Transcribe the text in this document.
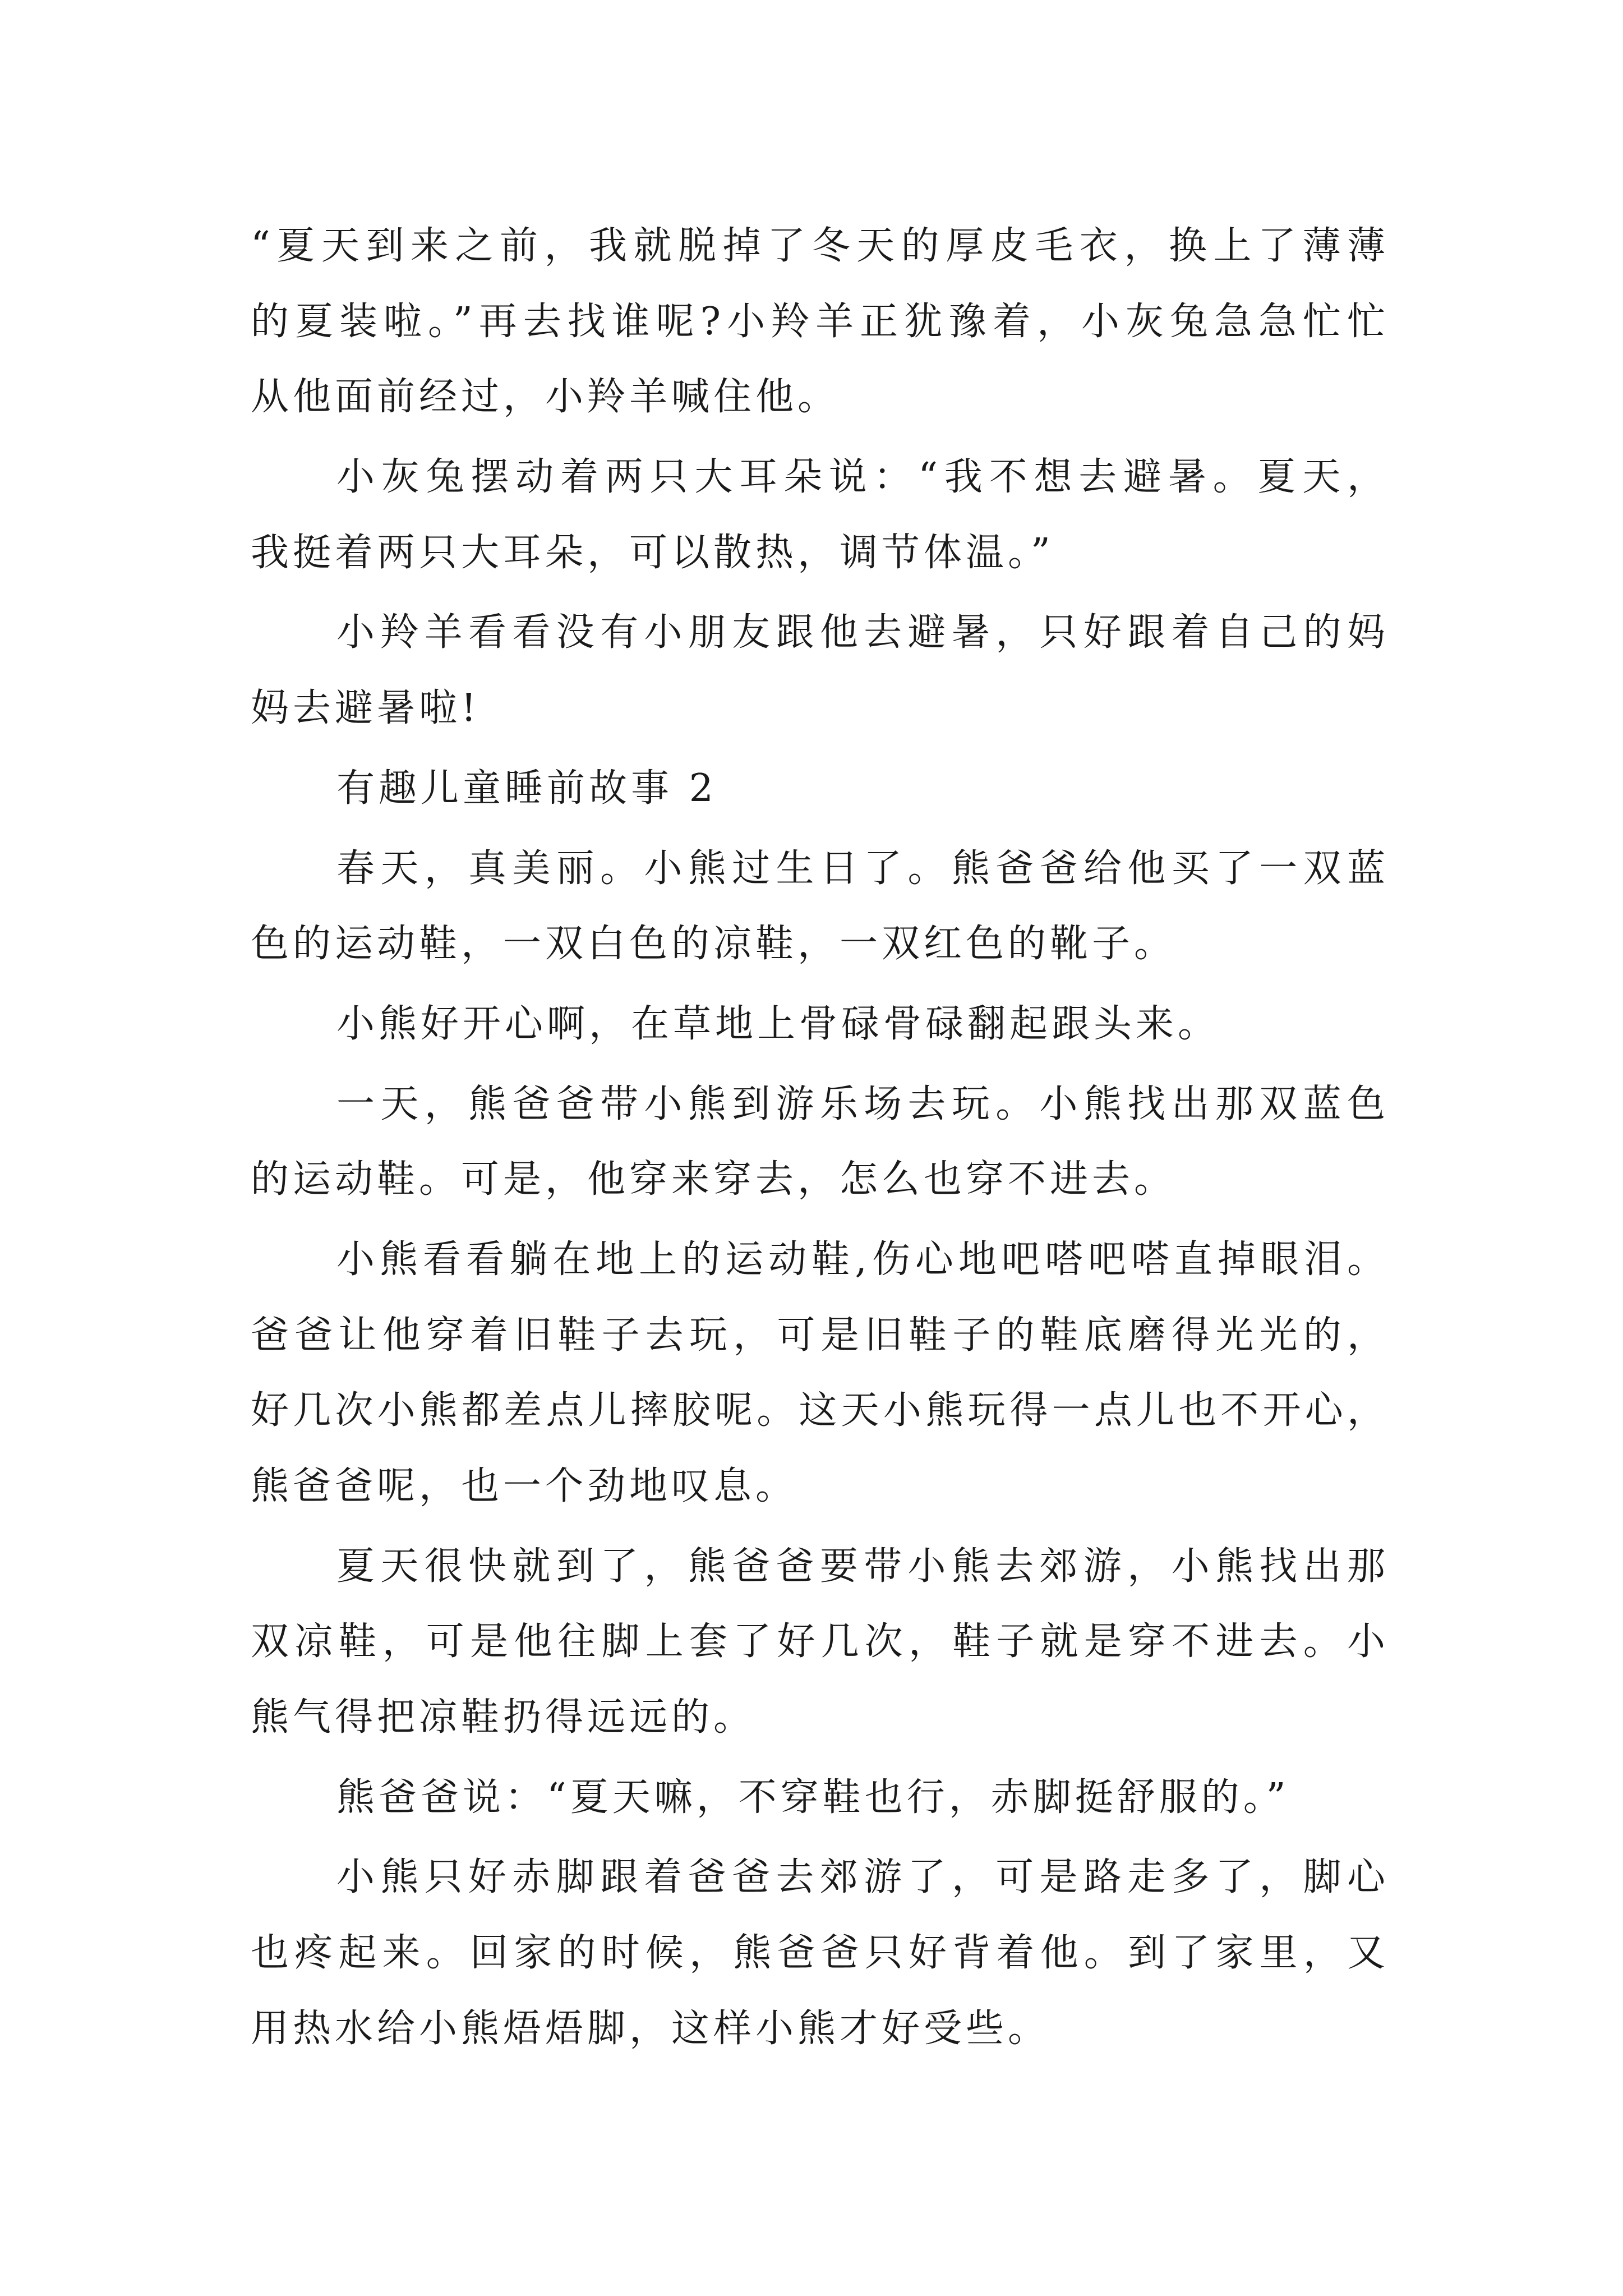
“夏天到来之前，我就脱掉了冬天的厚皮毛衣，换上了薄薄
的夏装啦。”再去找谁呢?小羚羊正犹豫着，小灰兔急急忙忙
从他面前经过，小羚羊喊住他。
小灰兔摆动着两只大耳朵说：“我不想去避暑。夏天，
我挺着两只大耳朵，可以散热，调节体温。”
小羚羊看看没有小朋友跟他去避暑，只好跟着自己的妈
妈去避暑啦!
有趣儿童睡前故事 2
春天，真美丽。小熊过生日了。熊爸爸给他买了一双蓝
色的运动鞋，一双白色的凉鞋，一双红色的靴子。
小熊好开心啊，在草地上骨碌骨碌翻起跟头来。
一天，熊爸爸带小熊到游乐场去玩。小熊找出那双蓝色
的运动鞋。可是，他穿来穿去，怎么也穿不进去。
小熊看看躺在地上的运动鞋,伤心地吧嗒吧嗒直掉眼泪。
爸爸让他穿着旧鞋子去玩，可是旧鞋子的鞋底磨得光光的，
好几次小熊都差点儿摔胶呢。这天小熊玩得一点儿也不开心，
熊爸爸呢，也一个劲地叹息。
夏天很快就到了，熊爸爸要带小熊去郊游，小熊找出那
双凉鞋，可是他往脚上套了好几次，鞋子就是穿不进去。小
熊气得把凉鞋扔得远远的。
熊爸爸说：“夏天嘛，不穿鞋也行，赤脚挺舒服的。”
小熊只好赤脚跟着爸爸去郊游了，可是路走多了，脚心
也疼起来。回家的时候，熊爸爸只好背着他。到了家里，又
用热水给小熊焐焐脚，这样小熊才好受些。
